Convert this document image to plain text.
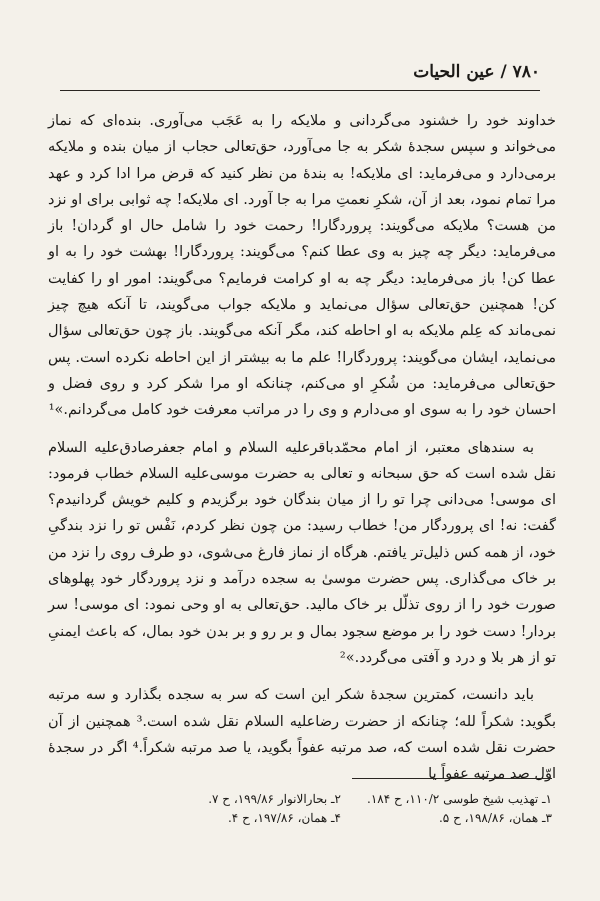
۷۸۰ / عین الحیات

خداوند خود را خشنود می‌گردانی و ملایکه را به عَجَب می‌آوری. بنده‌ای که نماز می‌خواند و سپس سجدهٔ شکر به جا می‌آورد، حق‌تعالی حجاب از میان بنده و ملایکه برمی‌دارد و می‌فرماید: ای ملایکه! به بندهٔ من نظر کنید که قرض مرا ادا کرد و عهد مرا تمام نمود، بعد از آن، شکرِ نعمتِ مرا به جا آورد. ای ملایکه! چه ثوابی برای او نزد من هست؟ ملایکه می‌گویند: پروردگارا! رحمت خود را شامل حال او گردان! باز می‌فرماید: دیگر چه چیز به وی عطا کنم؟ می‌گویند: پروردگارا! بهشت خود را به او عطا کن! باز می‌فرماید: دیگر چه به او کرامت فرمایم؟ می‌گویند: امور او را کفایت کن! همچنین حق‌تعالی سؤال می‌نماید و ملایکه جواب می‌گویند، تا آنکه هیچ چیز نمی‌ماند که عِلم ملایکه به او احاطه کند، مگر آنکه می‌گویند. باز چون حق‌تعالی سؤال می‌نماید، ایشان می‌گویند: پروردگارا! علم ما به بیشتر از این احاطه نکرده است. پس حق‌تعالی می‌فرماید: من شُکرِ او می‌کنم، چنانکه او مرا شکر کرد و روی فضل و احسان خود را به سوی او می‌دارم و وی را در مراتب معرفت خود کامل می‌گردانم.»¹

به سندهای معتبر، از امام محمّدباقرعلیه السلام و امام جعفرصادق‌علیه السلام نقل شده است که حق سبحانه و تعالی به حضرت موسی‌علیه السلام خطاب فرمود: ای موسی! می‌دانی چرا تو را از میان بندگان خود برگزیدم و کلیم خویش گردانیدم؟ گفت: نه! ای پروردگار من! خطاب رسید: من چون نظر کردم، نَفْس تو را نزد بندگیِ خود، از همه کس ذلیل‌تر یافتم. هرگاه از نماز فارغ می‌شوی، دو طرف روی را نزد من بر خاک می‌گذاری. پس حضرت موسیٰ به سجده درآمد و نزد پروردگار خود پهلوهای صورت خود را از روی تذلّل بر خاک مالید. حق‌تعالی به او وحی نمود: ای موسی! سر بردار! دست خود را بر موضع سجود بمال و بر رو و بر بدن خود بمال، که باعث ایمنیِ تو از هر بلا و درد و آفتی می‌گردد.»²

باید دانست، کمترین سجدهٔ شکر این است که سر به سجده بگذارد و سه مرتبه بگوید: شکراً لله؛ چنانکه از حضرت رضاعلیه السلام نقل شده است.³ همچنین از آن حضرت نقل شده است که، صد مرتبه عفواً بگوید، یا صد مرتبه شکراً.⁴ اگر در سجدهٔ اوّل صد مرتبه عفواً یا

۱ـ تهذیب شیخ طوسی ۱۱۰/۲، ح ۱۸۴.
۲ـ بحارالانوار ۱۹۹/۸۶، ح ۷.
۳ـ همان، ۱۹۸/۸۶، ح ۵.
۴ـ همان، ۱۹۷/۸۶، ح ۴.
